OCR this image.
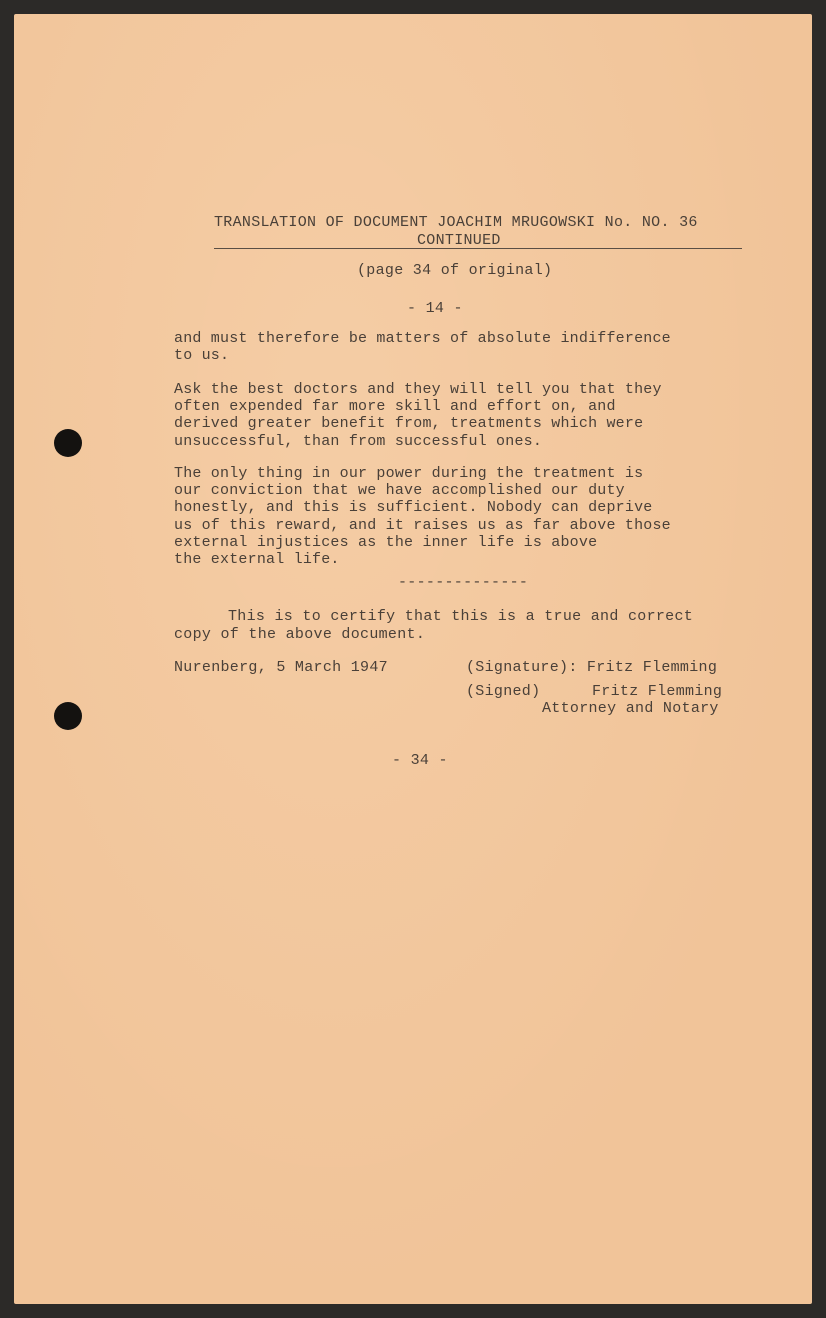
TRANSLATION OF DOCUMENT JOACHIM MRUGOWSKI No. NO. 36
CONTINUED
(page 34 of original)
- 14 -
and must therefore be matters of absolute indifference
to us.
Ask the best doctors and they will tell you that they
often expended far more skill and effort on, and
derived greater benefit from, treatments which were
unsuccessful, than from successful ones.
The only thing in our power during the treatment is
our conviction that we have accomplished our duty
honestly, and this is sufficient. Nobody can deprive
us of this reward, and it raises us as far above those
external injustices as the inner life is above
the external life.
--------------
This is to certify that this is a true and correct
copy of the above document.
Nurenberg, 5 March 1947	(Signature): Fritz Flemming
(Signed)	Fritz Flemming
Attorney and Notary
- 34 -
